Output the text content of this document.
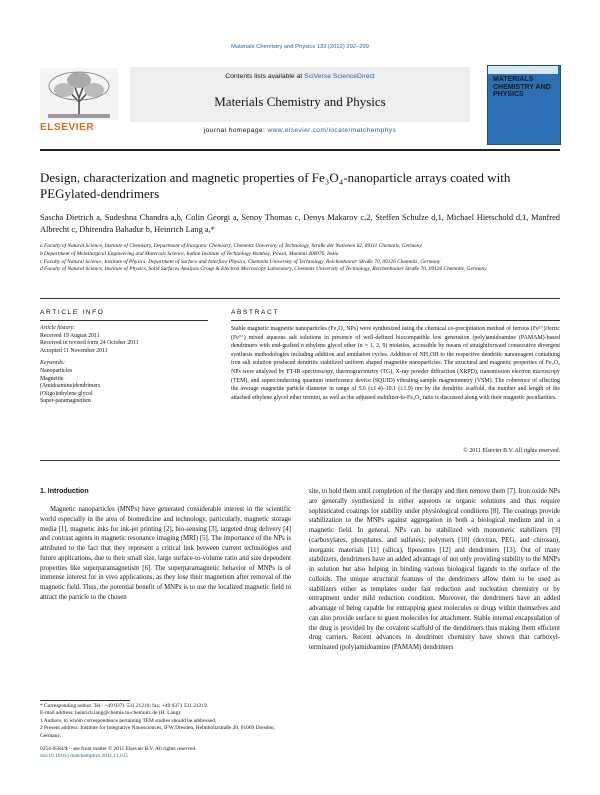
Materials Chemistry and Physics 132 (2012) 292–299
ELSEVIER
Contents lists available at SciVerse ScienceDirect
Materials Chemistry and Physics
journal homepage: www.elsevier.com/locate/matchemphys
MATERIALS CHEMISTRY AND PHYSICS
Design, characterization and magnetic properties of Fe₃O₄-nanoparticle arrays coated with PEGylated-dendrimers
Sascha Dietrich a, Sudeshna Chandra a,b, Colin Georgi a, Senoy Thomas c, Denys Makarov c,2, Steffen Schulze d,1, Michael Hietschold d,1, Manfred Albrecht c, Dhirendra Bahadur b, Heinrich Lang a,*
a Faculty of Natural Science, Institute of Chemistry, Department of Inorganic Chemistry, Chemnitz University of Technology, Straße der Nationen 62, 09111 Chemnitz, Germany
b Department of Metallurgical Engineering and Materials Science, Indian Institute of Technology Bombay, Powai, Mumbai 400076, India
c Faculty of Natural Science, Institute of Physics, Department of Surface and Interface Physics, Chemnitz University of Technology, Reichenhainer Straße 70, 09126 Chemnitz, Germany
d Faculty of Natural Science, Institute of Physics, Solid Surfaces Analysis Group & Electron Microscopy Laboratory, Chemnitz University of Technology, Reichenhainer Straße 70, 09126 Chemnitz, Germany
ARTICLE INFO
Article history:
Received 19 August 2011
Received in revised form 24 October 2011
Accepted 11 November 2011
Keywords:
Nanoparticles
Magnetite
(Amidoamine)dendrimers
(Oligo)ethylene glycol
Super-paramagnetism
ABSTRACT
Stable magnetic magnetite nanoparticles (Fe₃O₄ NPs) were synthesized using the chemical co-precipitation method of ferrous (Fe²⁺)/ferric (Fe³⁺) mixed aqueous salt solutions in presence of well-defined biocompatible low generation (poly)amidoamine (PAMAM)-based dendrimers with end-grafted n ethylene glycol ether (n = 1, 2, 9) moieties, accessible by means of straightforward consecutive divergent synthesis methodologies including addition and amidation cycles. Addition of NH₄OH to the respective dendritic nanoreagent containing iron salt solution produced dendritic stabilized uniform shaped magnetite nanoparticles. The structural and magnetic properties of Fe₃O₄ NPs were analyzed by FT-IR spectroscopy, thermogravimetry (TG), X-ray powder diffraction (XRPD), transmission electron microscopy (TEM), and superconducting quantum interference device (SQUID) vibrating sample magnetometry (VSM). The coherence of affecting the average magnetite particle diameter in range of 5.6 (±1.4)–10.1 (±1.9) nm by the dendritic scaffold, the number and length of the attached ethylene glycol ether termini, as well as the adjusted stabilizer-to-Fe₃O₄ ratio is discussed along with their magnetic peculiarities.
© 2011 Elsevier B.V. All rights reserved.
1. Introduction
Magnetic nanoparticles (MNPs) have generated considerable interest in the scientific world especially in the area of biomedicine and technology, particularly, magnetic storage media [1], magnetic inks for ink-jet printing [2], bio-sensing [3], targeted drug delivery [4] and contrast agents in magnetic resonance imaging (MRI) [5]. The importance of the NPs is attributed to the fact that they represent a critical link between current technologies and future applications, due to their small size, large surface-to-volume ratio and size dependent properties like superparamagnetism [6]. The superparamagnetic behavior of MNPs is of immense interest for in vivo applications, as they lose their magnetism after removal of the magnetic field. Thus, the potential benefit of MNPs is to use the localized magnetic field to attract the particle to the chosen
site, to hold them until completion of the therapy and then remove them [7]. Iron oxide NPs are generally synthesized in either aqueous or organic solutions and thus require sophisticated coatings for stability under physiological conditions [8]. The coatings provide stabilization to the MNPs against aggregation in both a biological medium and in a magnetic field. In general, NPs can be stabilized with monomeric stabilizers [9] (carboxylates, phosphates, and sulfates), polymers [10] (dextran, PEG, and chitosan), inorganic materials [11] (silica), liposomes [12] and dendrimers [13]. Out of many stabilizers, dendrimers have an added advantage of not only providing stability to the MNPs in solution but also helping in binding various biological ligands to the surface of the colloids. The unique structural features of the dendrimers allow them to be used as stabilizers either as templates under fast reduction and nucleation chemistry or by entrapment under mild reduction condition. Moreover, the dendrimers have an added advantage of being capable for entrapping guest molecules or drugs within themselves and can also provide surface to guest molecules for attachment. Stable internal encapsulation of the drug is provided by the covalent scaffold of the dendrimers thus making them efficient drug carriers. Recent advances in dendrimer chemistry have shown that carboxyl-terminated (poly)amidoamine (PAMAM) dendrimers
* Corresponding author. Tel.: +49 0371 531 21210; fax: +49 0371 531 21219.
E-mail address: heinrich.lang@chemie.tu-chemnitz.de (H. Lang).
1 Authors, to whom correspondence pertaining TEM studies should be addressed.
2 Present address: Institute for Integrative Nanosciences, IFW Dresden, Helmholtzstraße 20, 01069 Dresden, Germany.
0254-0584/$ – see front matter © 2011 Elsevier B.V. All rights reserved.
doi:10.1016/j.matchemphys.2011.11.015
